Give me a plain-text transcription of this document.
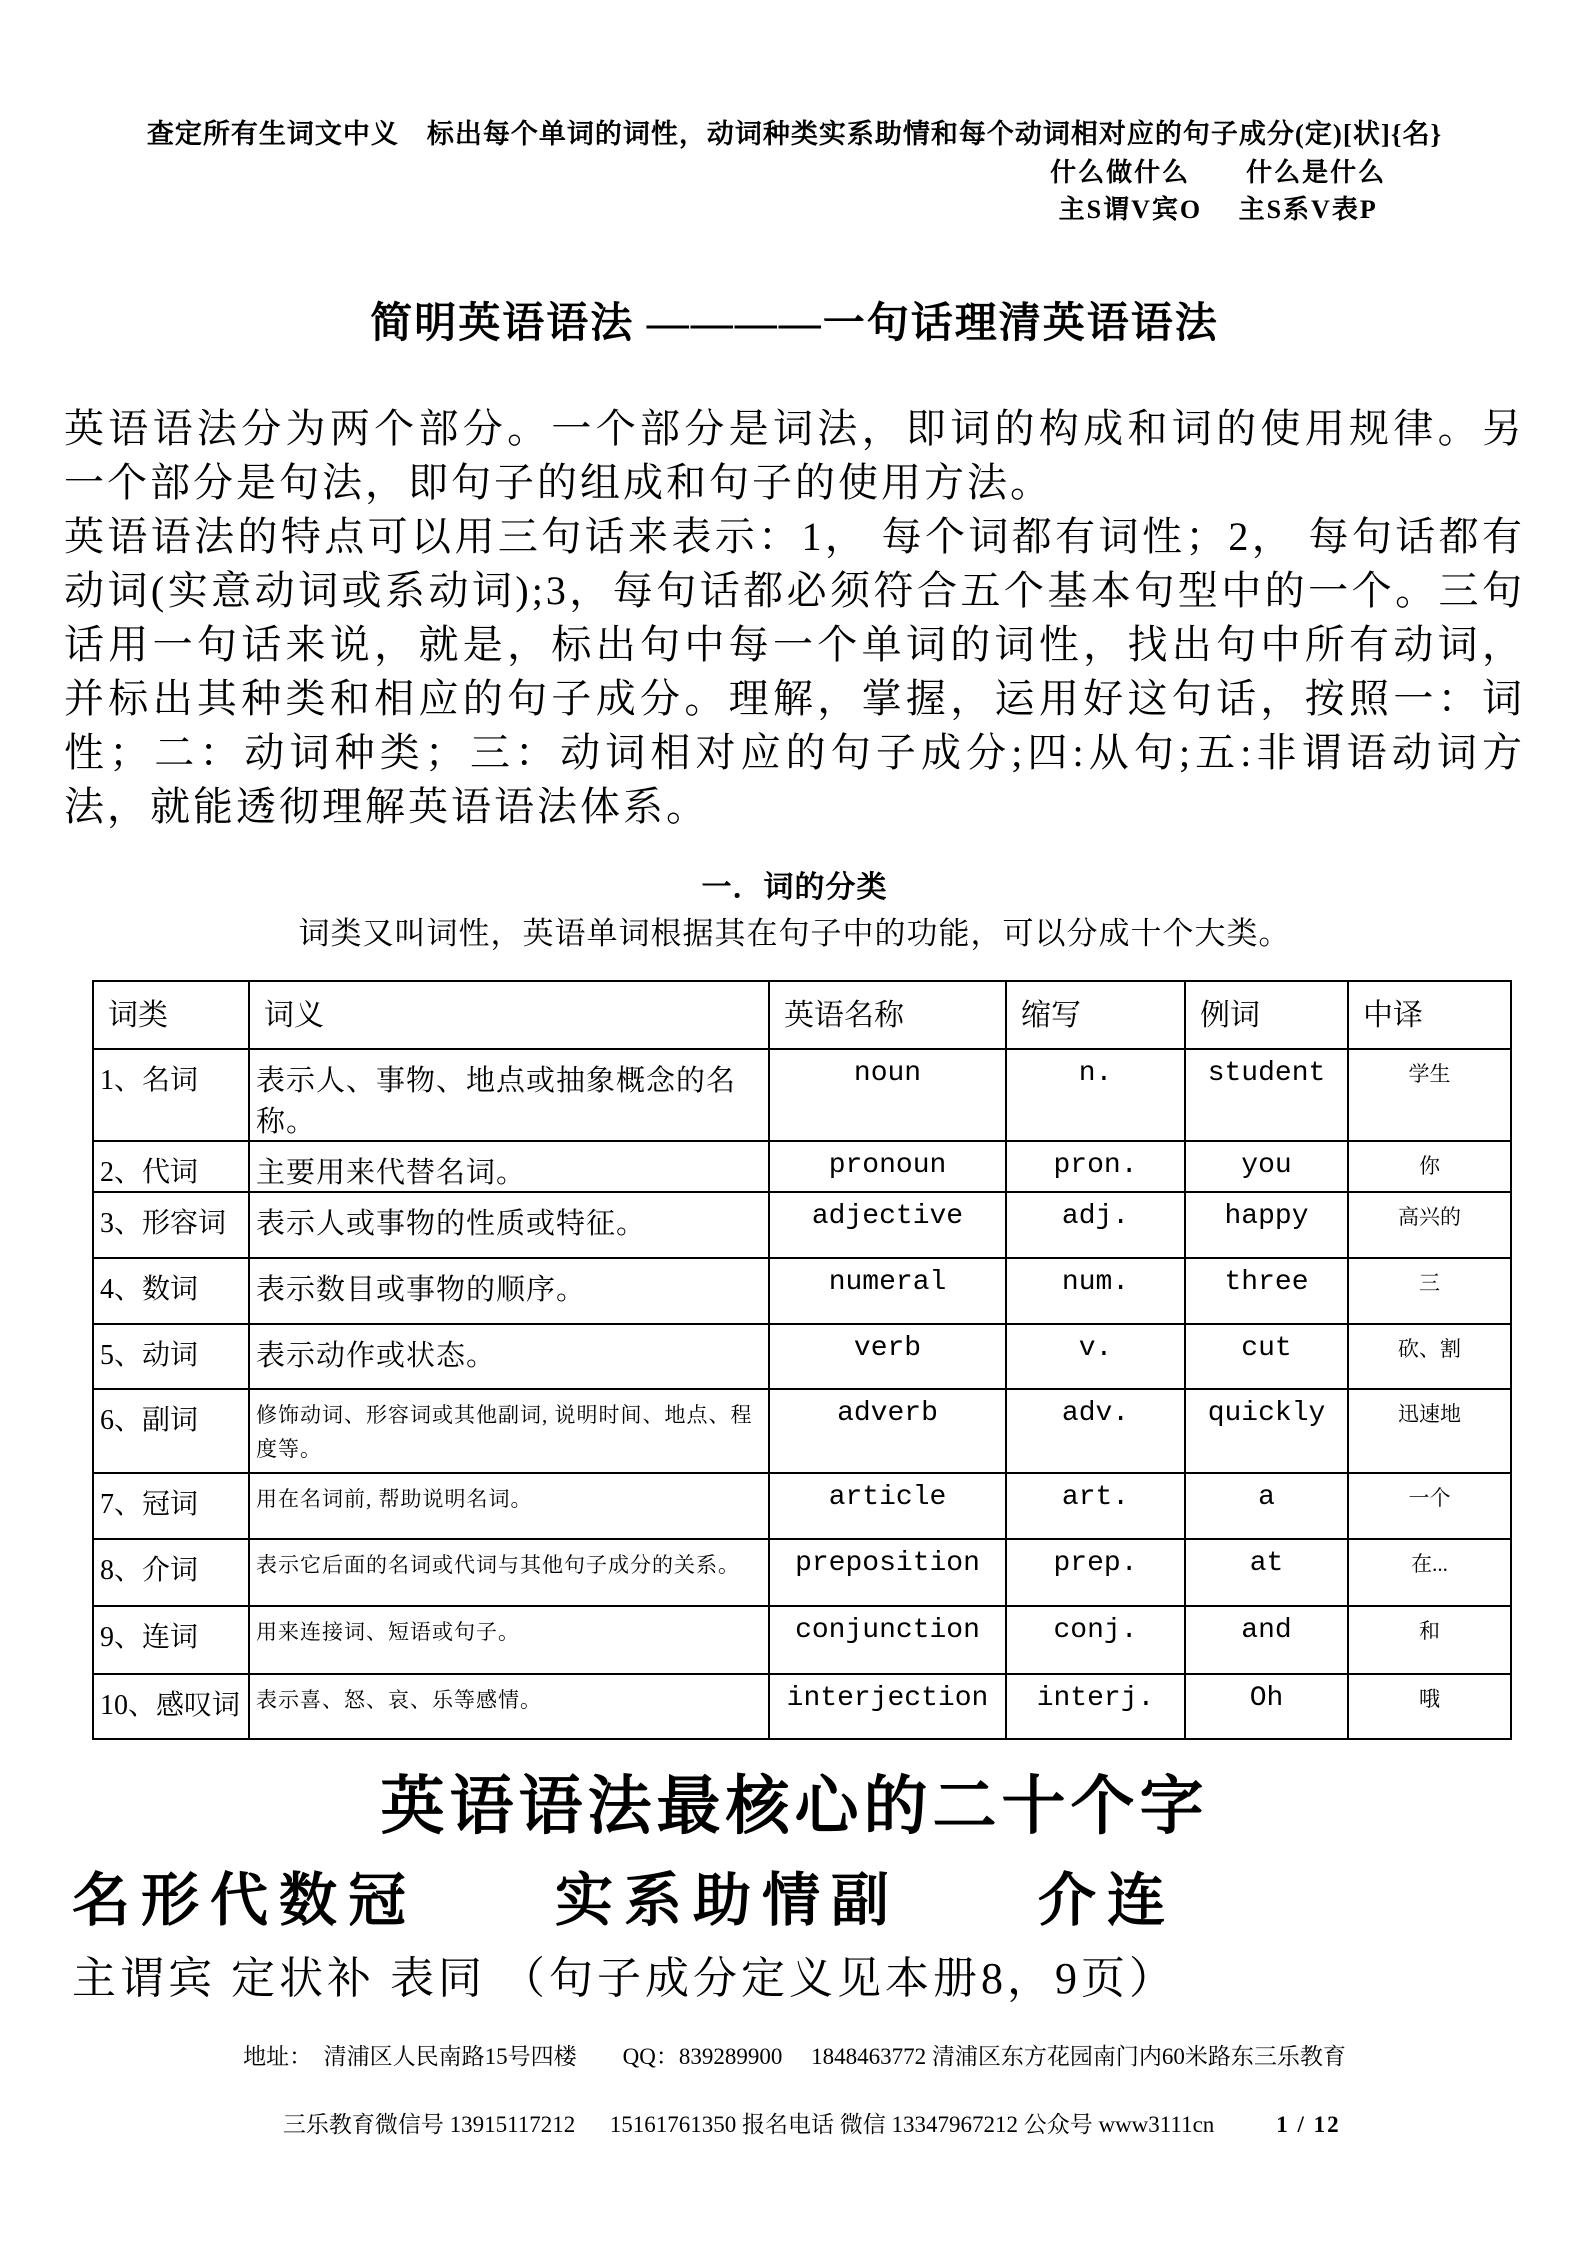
查定所有生词文中义　标出每个单词的词性，动词种类实系助情和每个动词相对应的句子成分(定)[状]{名}
什么做什么　　什么是什么
主S谓V宾O　 主S系V表P
简明英语语法 ————一句话理清英语语法

英语语法分为两个部分。一个部分是词法，即词的构成和词的使用规律。另一个部分是句法，即句子的组成和句子的使用方法。

英语语法的特点可以用三句话来表示：1， 每个词都有词性；2， 每句话都有动词(实意动词或系动词);3，每句话都必须符合五个基本句型中的一个。三句话用一句话来说，就是，标出句中每一个单词的词性，找出句中所有动词，并标出其种类和相应的句子成分。理解，掌握，运用好这句话，按照一：词性；二：动词种类；三：动词相对应的句子成分;四:从句;五:非谓语动词方法，就能透彻理解英语语法体系。

一．词的分类
词类又叫词性，英语单词根据其在句子中的功能，可以分成十个大类。
词类	词义	英语名称	缩写	例词	中译
1、名词	表示人、事物、地点或抽象概念的名称。	noun	n.	student	学生
2、代词	主要用来代替名词。	pronoun	pron.	you	你
3、形容词	表示人或事物的性质或特征。	adjective	adj.	happy	高兴的
4、数词	表示数目或事物的顺序。	numeral	num.	three	三
5、动词	表示动作或状态。	verb	v.	cut	砍、割
6、副词	修饰动词、形容词或其他副词, 说明时间、地点、程度等。	adverb	adv.	quickly	迅速地
7、冠词	用在名词前, 帮助说明名词。	article	art.	a	一个
8、介词	表示它后面的名词或代词与其他句子成分的关系。	preposition	prep.	at	在...
9、连词	用来连接词、短语或句子。	conjunction	conj.	and	和
10、感叹词	表示喜、怒、哀、乐等感情。	interjection	interj.	Oh	哦
英语语法最核心的二十个字
名形代数冠　　实系助情副　　介连
主谓宾 定状补 表同 （句子成分定义见本册8，9页）
地址：　清浦区人民南路15号四楼　　QQ：839289900　 1848463772 清浦区东方花园南门内60米路东三乐教育

三乐教育微信号 13915117212　  15161761350 报名电话 微信 13347967212 公众号 www3111cn	1 / 12
